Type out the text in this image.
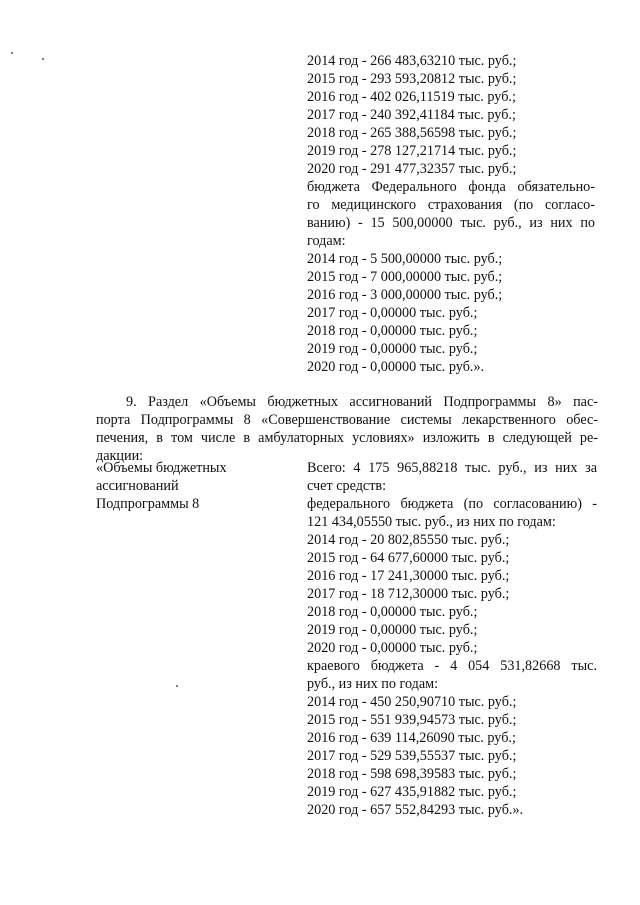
2014 год - 266 483,63210 тыс. руб.;
2015 год - 293 593,20812 тыс. руб.;
2016 год - 402 026,11519 тыс. руб.;
2017 год - 240 392,41184 тыс. руб.;
2018 год - 265 388,56598 тыс. руб.;
2019 год - 278 127,21714 тыс. руб.;
2020 год - 291 477,32357 тыс. руб.;
бюджета Федерального фонда обязательно-
го медицинского страхования (по согласо-
ванию) - 15 500,00000 тыс. руб., из них по
годам:
2014 год - 5 500,00000 тыс. руб.;
2015 год - 7 000,00000 тыс. руб.;
2016 год - 3 000,00000 тыс. руб.;
2017 год - 0,00000 тыс. руб.;
2018 год - 0,00000 тыс. руб.;
2019 год - 0,00000 тыс. руб.;
2020 год - 0,00000 тыс. руб.».
9. Раздел «Объемы бюджетных ассигнований Подпрограммы 8» пас-
порта Подпрограммы 8 «Совершенствование системы лекарственного обес-
печения, в том числе в амбулаторных условиях» изложить в следующей ре-
дакции:
«Объемы бюджетных
ассигнований
Подпрограммы 8
Всего: 4 175 965,88218 тыс. руб., из них за
счет средств:
федерального бюджета (по согласованию) -
121 434,05550 тыс. руб., из них по годам:
2014 год - 20 802,85550 тыс. руб.;
2015 год - 64 677,60000 тыс. руб.;
2016 год - 17 241,30000 тыс. руб.;
2017 год - 18 712,30000 тыс. руб.;
2018 год - 0,00000 тыс. руб.;
2019 год - 0,00000 тыс. руб.;
2020 год - 0,00000 тыс. руб.;
краевого бюджета - 4 054 531,82668 тыс.
руб., из них по годам:
2014 год - 450 250,90710 тыс. руб.;
2015 год - 551 939,94573 тыс. руб.;
2016 год - 639 114,26090 тыс. руб.;
2017 год - 529 539,55537 тыс. руб.;
2018 год - 598 698,39583 тыс. руб.;
2019 год - 627 435,91882 тыс. руб.;
2020 год - 657 552,84293 тыс. руб.».
